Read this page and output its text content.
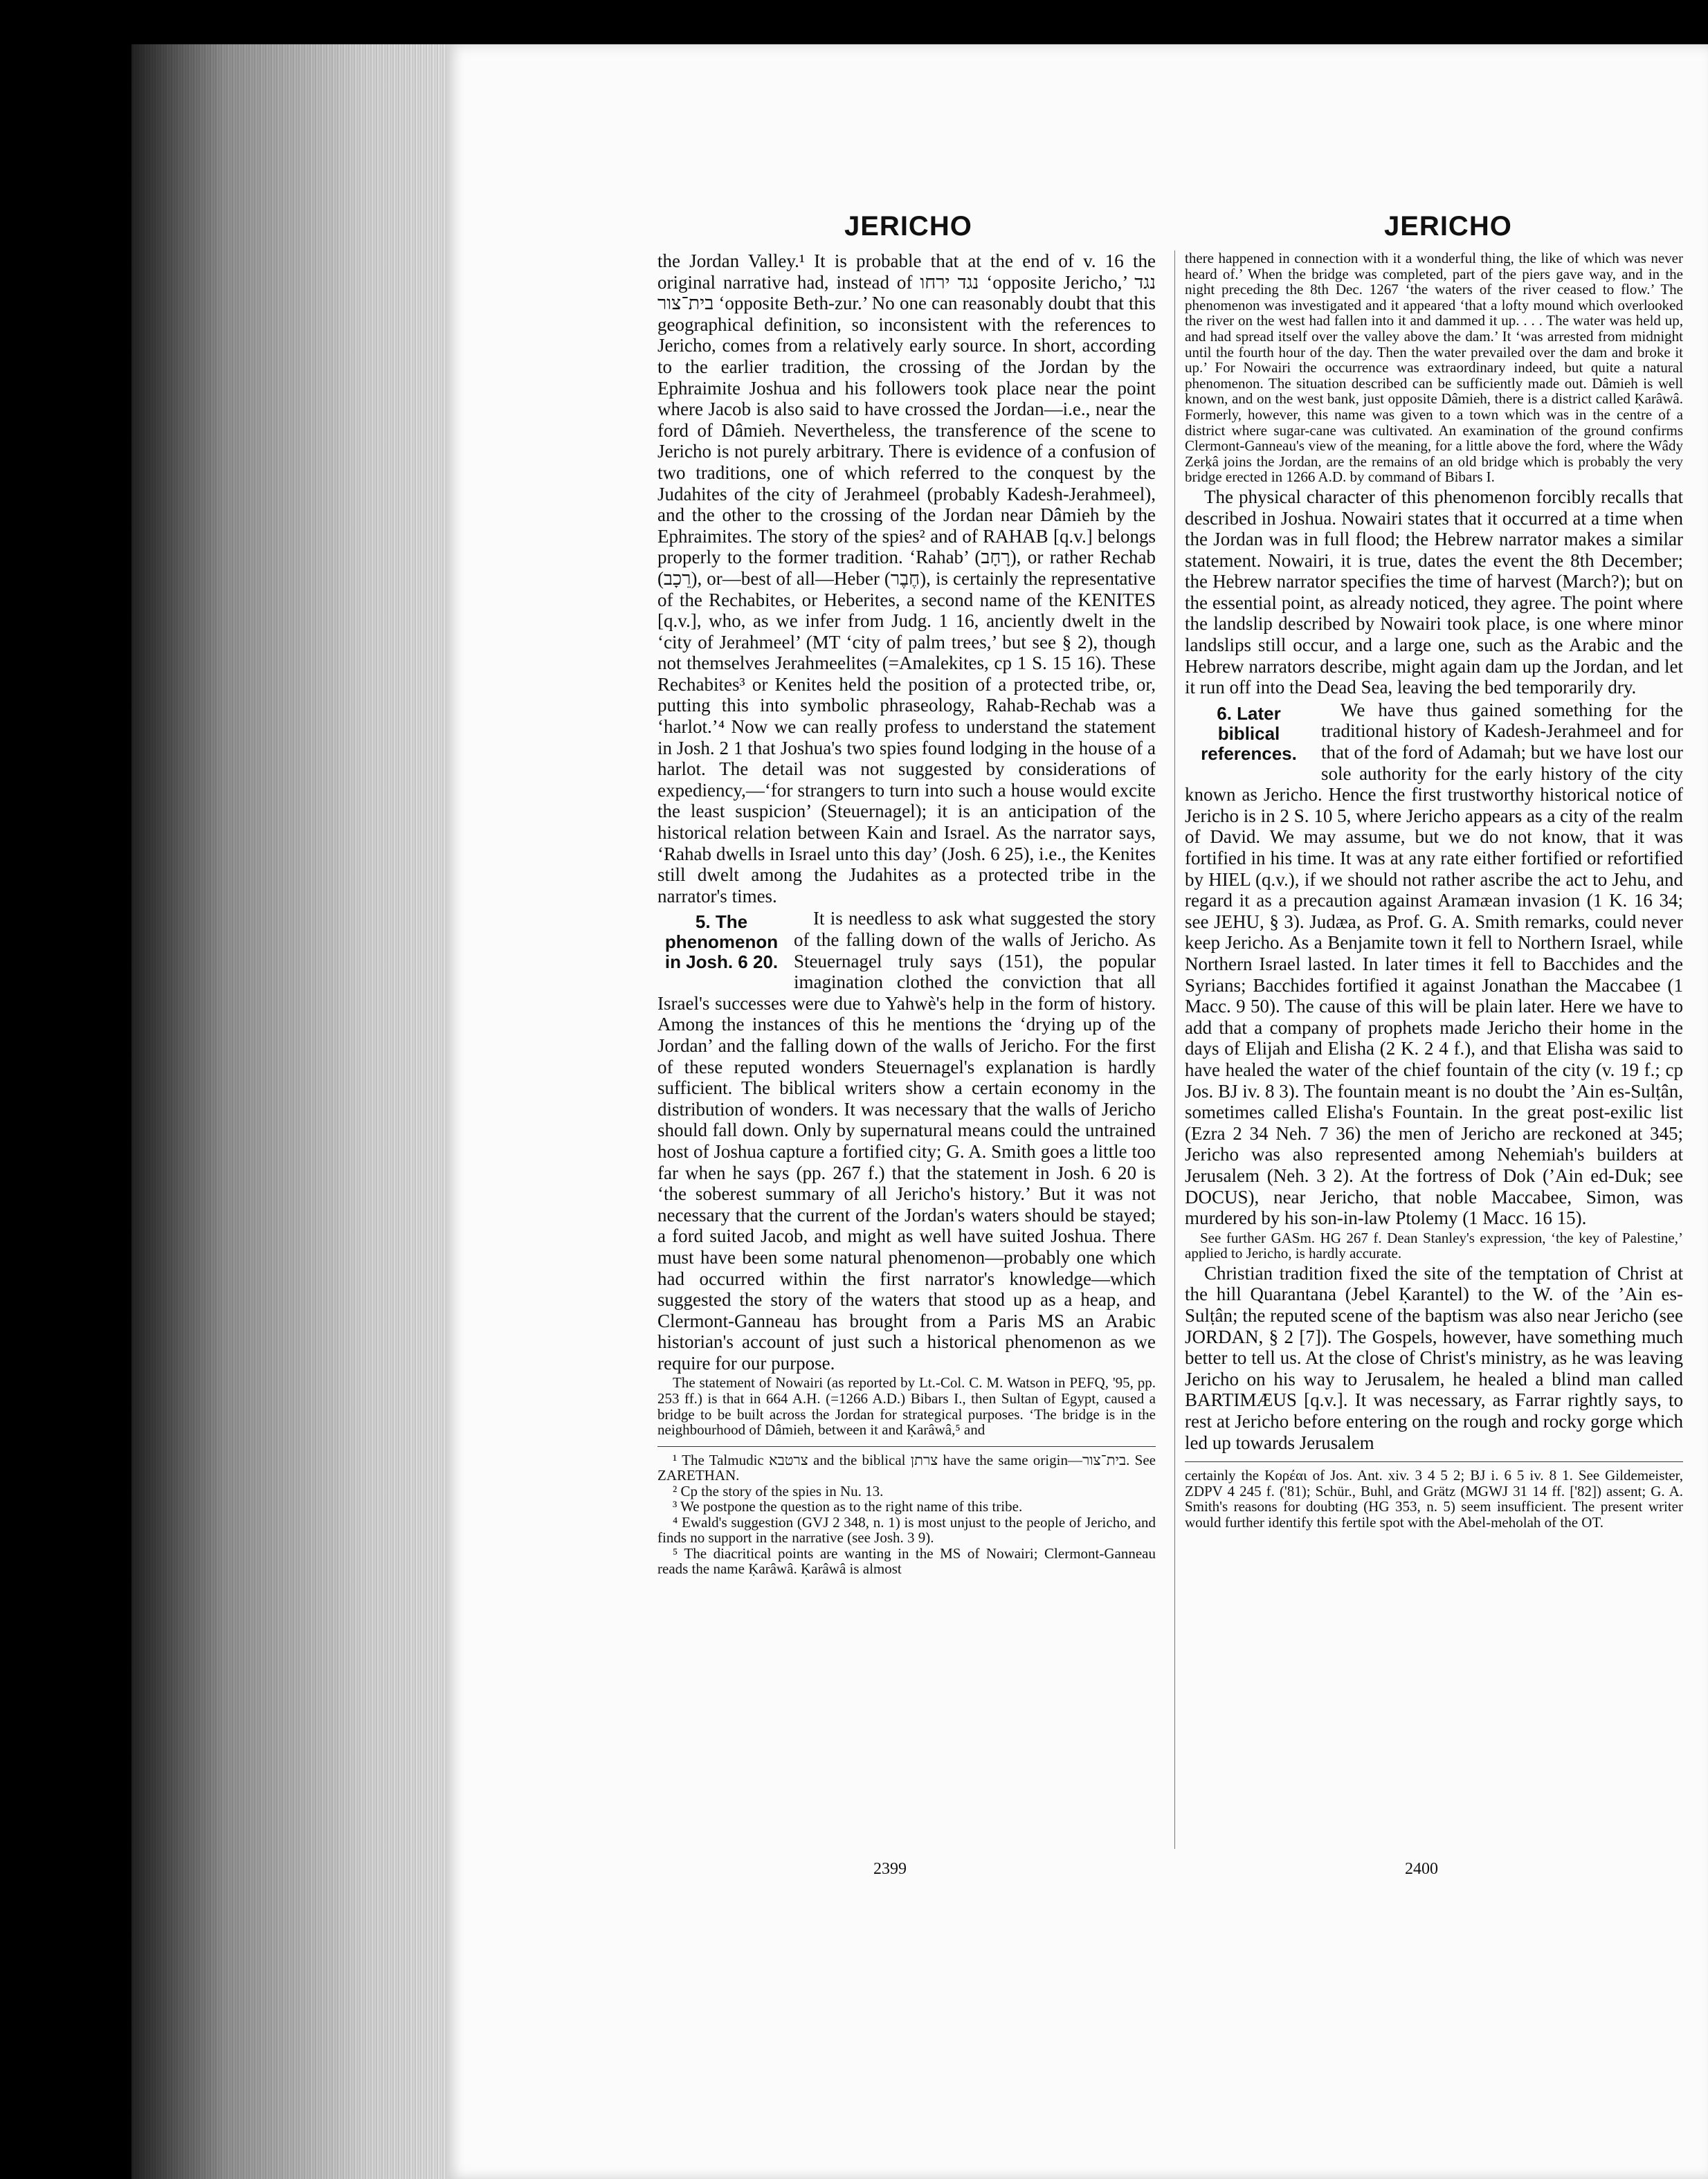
JERICHO

the Jordan Valley.¹ It is probable that at the end of v. 16 the original narrative had, instead of נגד ירחו ‘opposite Jericho,’ נגד בית־צור ‘opposite Beth-zur.’ No one can reasonably doubt that this geographical definition, so inconsistent with the references to Jericho, comes from a relatively early source. In short, according to the earlier tradition, the crossing of the Jordan by the Ephraimite Joshua and his followers took place near the point where Jacob is also said to have crossed the Jordan—i.e., near the ford of Dâmieh. Nevertheless, the transference of the scene to Jericho is not purely arbitrary. There is evidence of a confusion of two traditions, one of which referred to the conquest by the Judahites of the city of Jerahmeel (probably Kadesh-Jerahmeel), and the other to the crossing of the Jordan near Dâmieh by the Ephraimites. The story of the spies² and of RAHAB [q.v.] belongs properly to the former tradition. ‘Rahab’ (רָחָב), or rather Rechab (רֵכָב), or—best of all—Heber (חֶבֶר), is certainly the representative of the Rechabites, or Heberites, a second name of the KENITES [q.v.], who, as we infer from Judg. 1 16, anciently dwelt in the ‘city of Jerahmeel’ (MT ‘city of palm trees,’ but see § 2), though not themselves Jerahmeelites (=Amalekites, cp 1 S. 15 16). These Rechabites³ or Kenites held the position of a protected tribe, or, putting this into symbolic phraseology, Rahab-Rechab was a ‘harlot.’⁴ Now we can really profess to understand the statement in Josh. 2 1 that Joshua's two spies found lodging in the house of a harlot. The detail was not suggested by considerations of expediency,—‘for strangers to turn into such a house would excite the least suspicion’ (Steuernagel); it is an anticipation of the historical relation between Kain and Israel. As the narrator says, ‘Rahab dwells in Israel unto this day’ (Josh. 6 25), i.e., the Kenites still dwelt among the Judahites as a protected tribe in the narrator's times.

5. The phenomenon in Josh. 6 20.

It is needless to ask what suggested the story of the falling down of the walls of Jericho. As Steuernagel truly says (151), the popular imagination clothed the conviction that all Israel's successes were due to Yahwè's help in the form of history. Among the instances of this he mentions the ‘drying up of the Jordan’ and the falling down of the walls of Jericho. For the first of these reputed wonders Steuernagel's explanation is hardly sufficient. The biblical writers show a certain economy in the distribution of wonders. It was necessary that the walls of Jericho should fall down. Only by supernatural means could the untrained host of Joshua capture a fortified city; G. A. Smith goes a little too far when he says (pp. 267 f.) that the statement in Josh. 6 20 is ‘the soberest summary of all Jericho's history.’ But it was not necessary that the current of the Jordan's waters should be stayed; a ford suited Jacob, and might as well have suited Joshua. There must have been some natural phenomenon—probably one which had occurred within the first narrator's knowledge—which suggested the story of the waters that stood up as a heap, and Clermont-Ganneau has brought from a Paris MS an Arabic historian's account of just such a historical phenomenon as we require for our purpose.

The statement of Nowairi (as reported by Lt.-Col. C. M. Watson in PEFQ, '95, pp. 253 ff.) is that in 664 A.H. (=1266 A.D.) Bibars I., then Sultan of Egypt, caused a bridge to be built across the Jordan for strategical purposes. ‘The bridge is in the neighbourhood of Dâmieh, between it and Ḳarâwâ,⁵ and

¹ The Talmudic צרטבא and the biblical צרתן have the same origin—בית־צור. See ZARETHAN.

² Cp the story of the spies in Nu. 13.

³ We postpone the question as to the right name of this tribe.

⁴ Ewald's suggestion (GVJ 2 348, n. 1) is most unjust to the people of Jericho, and finds no support in the narrative (see Josh. 3 9).

⁵ The diacritical points are wanting in the MS of Nowairi; Clermont-Ganneau reads the name Ḳarâwâ. Ḳarâwâ is almost

2399
JERICHO

there happened in connection with it a wonderful thing, the like of which was never heard of.’ When the bridge was completed, part of the piers gave way, and in the night preceding the 8th Dec. 1267 ‘the waters of the river ceased to flow.’ The phenomenon was investigated and it appeared ‘that a lofty mound which overlooked the river on the west had fallen into it and dammed it up. . . . The water was held up, and had spread itself over the valley above the dam.’ It ‘was arrested from midnight until the fourth hour of the day. Then the water prevailed over the dam and broke it up.’ For Nowairi the occurrence was extraordinary indeed, but quite a natural phenomenon. The situation described can be sufficiently made out. Dâmieh is well known, and on the west bank, just opposite Dâmieh, there is a district called Ḳarâwâ. Formerly, however, this name was given to a town which was in the centre of a district where sugar-cane was cultivated. An examination of the ground confirms Clermont-Ganneau's view of the meaning, for a little above the ford, where the Wâdy Zerḳâ joins the Jordan, are the remains of an old bridge which is probably the very bridge erected in 1266 A.D. by command of Bibars I.

The physical character of this phenomenon forcibly recalls that described in Joshua. Nowairi states that it occurred at a time when the Jordan was in full flood; the Hebrew narrator makes a similar statement. Nowairi, it is true, dates the event the 8th December; the Hebrew narrator specifies the time of harvest (March?); but on the essential point, as already noticed, they agree. The point where the landslip described by Nowairi took place, is one where minor landslips still occur, and a large one, such as the Arabic and the Hebrew narrators describe, might again dam up the Jordan, and let it run off into the Dead Sea, leaving the bed temporarily dry.

6. Later biblical references.

We have thus gained something for the traditional history of Kadesh-Jerahmeel and for that of the ford of Adamah; but we have lost our sole authority for the early history of the city known as Jericho. Hence the first trustworthy historical notice of Jericho is in 2 S. 10 5, where Jericho appears as a city of the realm of David. We may assume, but we do not know, that it was fortified in his time. It was at any rate either fortified or refortified by HIEL (q.v.), if we should not rather ascribe the act to Jehu, and regard it as a precaution against Aramæan invasion (1 K. 16 34; see JEHU, § 3). Judæa, as Prof. G. A. Smith remarks, could never keep Jericho. As a Benjamite town it fell to Northern Israel, while Northern Israel lasted. In later times it fell to Bacchides and the Syrians; Bacchides fortified it against Jonathan the Maccabee (1 Macc. 9 50). The cause of this will be plain later. Here we have to add that a company of prophets made Jericho their home in the days of Elijah and Elisha (2 K. 2 4 f.), and that Elisha was said to have healed the water of the chief fountain of the city (v. 19 f.; cp Jos. BJ iv. 8 3). The fountain meant is no doubt the ’Ain es-Sulṭân, sometimes called Elisha's Fountain. In the great post-exilic list (Ezra 2 34 Neh. 7 36) the men of Jericho are reckoned at 345; Jericho was also represented among Nehemiah's builders at Jerusalem (Neh. 3 2). At the fortress of Dok (’Ain ed-Duk; see DOCUS), near Jericho, that noble Maccabee, Simon, was murdered by his son-in-law Ptolemy (1 Macc. 16 15).

See further GASm. HG 267 f. Dean Stanley's expression, ‘the key of Palestine,’ applied to Jericho, is hardly accurate.

Christian tradition fixed the site of the temptation of Christ at the hill Quarantana (Jebel Ḳarantel) to the W. of the ’Ain es-Sulṭân; the reputed scene of the baptism was also near Jericho (see JORDAN, § 2 [7]). The Gospels, however, have something much better to tell us. At the close of Christ's ministry, as he was leaving Jericho on his way to Jerusalem, he healed a blind man called BARTIMÆUS [q.v.]. It was necessary, as Farrar rightly says, to rest at Jericho before entering on the rough and rocky gorge which led up towards Jerusalem

certainly the Κορέαι of Jos. Ant. xiv. 3 4 5 2; BJ i. 6 5 iv. 8 1. See Gildemeister, ZDPV 4 245 f. ('81); Schür., Buhl, and Grätz (MGWJ 31 14 ff. ['82]) assent; G. A. Smith's reasons for doubting (HG 353, n. 5) seem insufficient. The present writer would further identify this fertile spot with the Abel-meholah of the OT.

2400
